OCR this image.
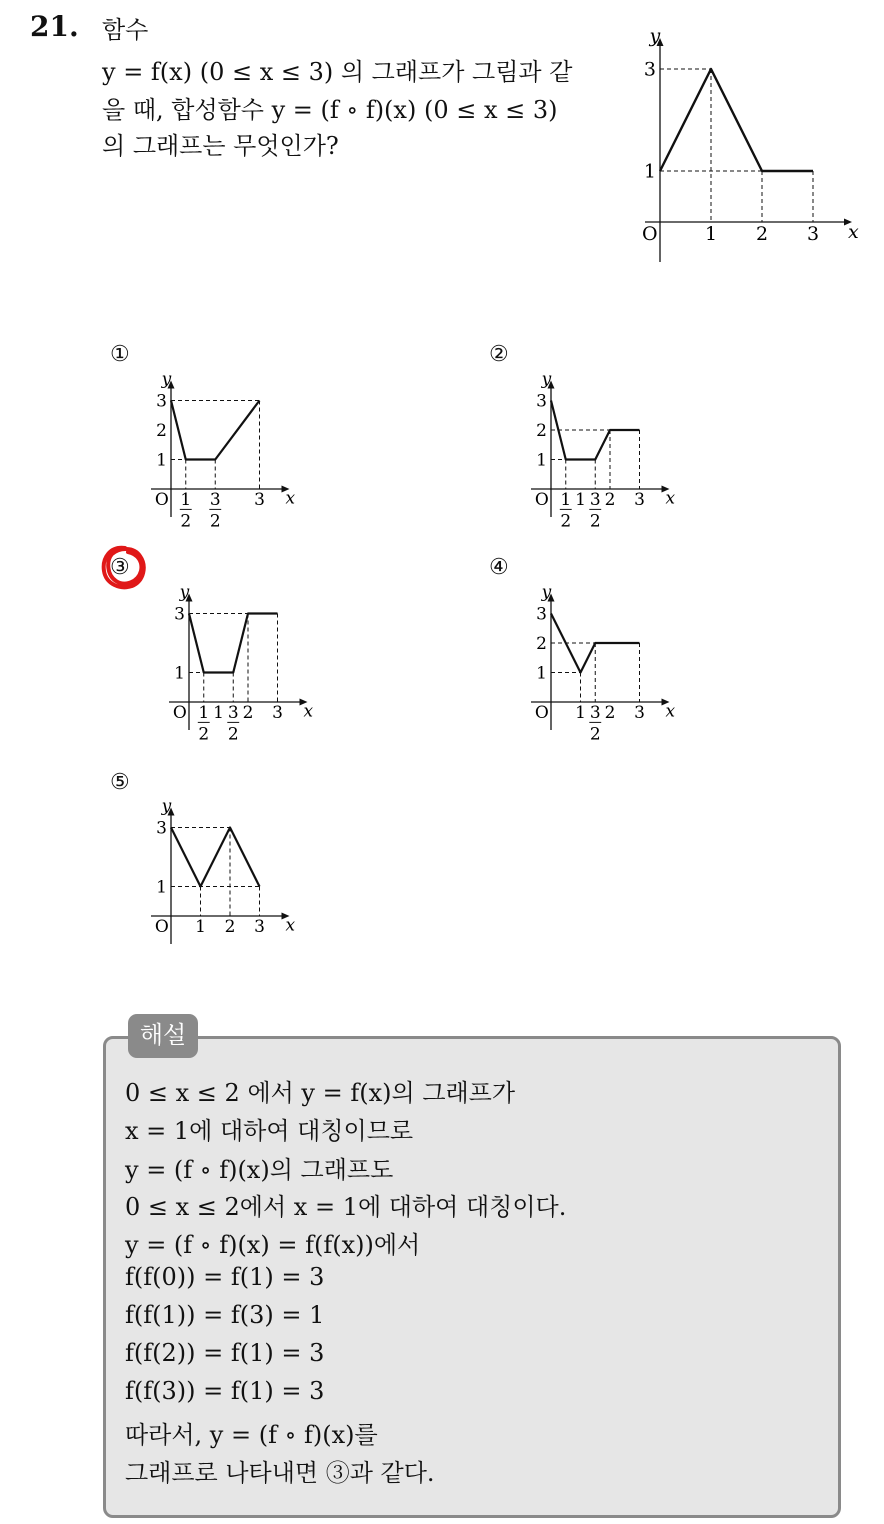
21. 함수
y = f(x) (0 ≤ x ≤ 3) 의 그래프가 그림과 같
을 때, 합성함수 y = (f ∘ f)(x) (0 ≤ x ≤ 3)
의 그래프는 무엇인가?
O
y
x
1
3
1 2 3
①
O
y
x
1
2
3
1
2
3
2
3
②
O
y
x
1
2
3
1
2
1 3
2
2 3
③
O
y
x
1
3
1
2
1 3
2
2 3
④
O
y
x
1
2
3
1 3
2
2 3
⑤
O
y
x
1
3
1 2 3
해설
0 ≤ x ≤ 2 에서 y = f(x)의 그래프가
x = 1에 대하여 대칭이므로
y = (f ∘ f)(x)의 그래프도
0 ≤ x ≤ 2에서 x = 1에 대하여 대칭이다.
y = (f ∘ f)(x) = f(f(x))에서
f(f(0)) = f(1) = 3
f(f(1)) = f(3) = 1
f(f(2)) = f(1) = 3
f(f(3)) = f(1) = 3
따라서, y = (f ∘ f)(x)를
그래프로 나타내면 ③과 같다.
